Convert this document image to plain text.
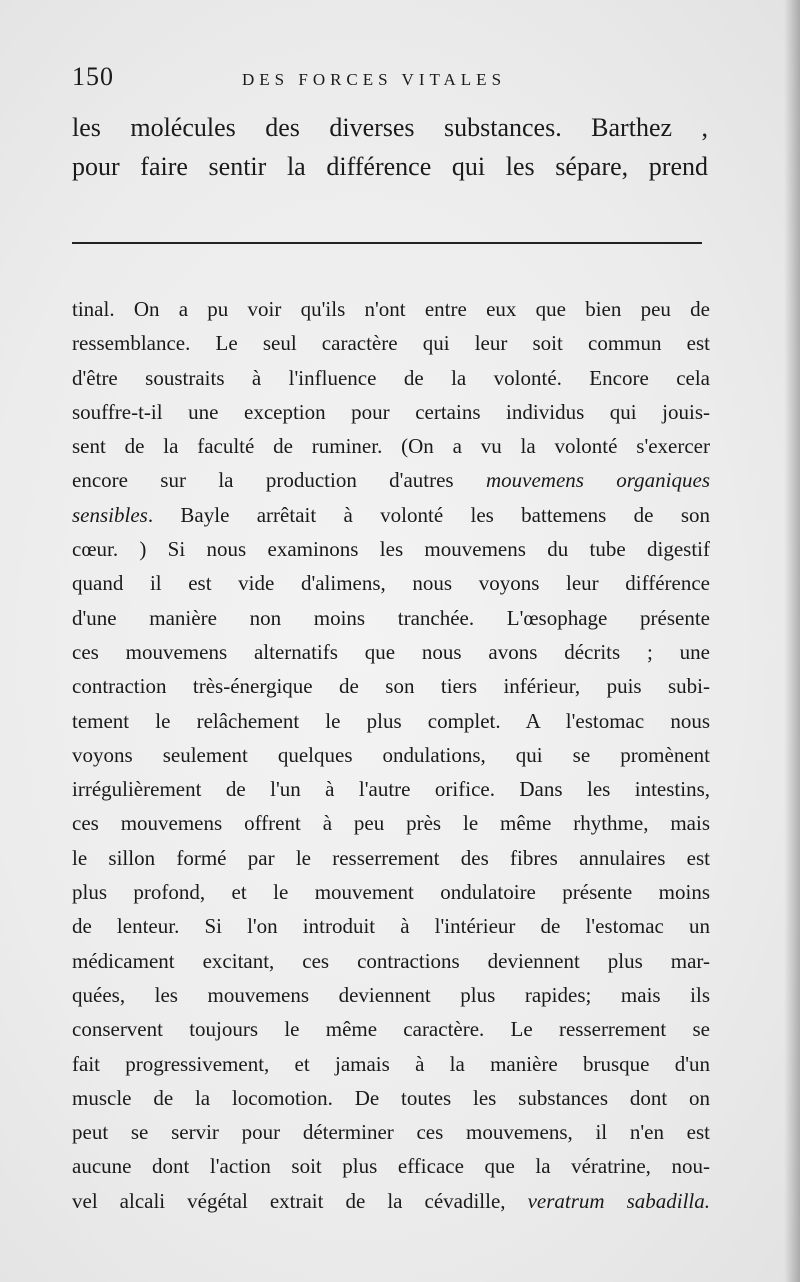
150	DES FORCES VITALES
les molécules des diverses substances. Barthez ,
pour faire sentir la différence qui les sépare, prend
tinal. On a pu voir qu'ils n'ont entre eux que bien peu de
ressemblance. Le seul caractère qui leur soit commun est
d'être soustraits à l'influence de la volonté. Encore cela
souffre-t-il une exception pour certains individus qui jouis-
sent de la faculté de ruminer. (On a vu la volonté s'exercer
encore sur la production d'autres mouvemens organiques
sensibles. Bayle arrêtait à volonté les battemens de son
cœur. ) Si nous examinons les mouvemens du tube digestif
quand il est vide d'alimens, nous voyons leur différence
d'une manière non moins tranchée. L'œsophage présente
ces mouvemens alternatifs que nous avons décrits ; une
contraction très-énergique de son tiers inférieur, puis subi-
tement le relâchement le plus complet. A l'estomac nous
voyons seulement quelques ondulations, qui se promènent
irrégulièrement de l'un à l'autre orifice. Dans les intestins,
ces mouvemens offrent à peu près le même rhythme, mais
le sillon formé par le resserrement des fibres annulaires est
plus profond, et le mouvement ondulatoire présente moins
de lenteur. Si l'on introduit à l'intérieur de l'estomac un
médicament excitant, ces contractions deviennent plus mar-
quées, les mouvemens deviennent plus rapides; mais ils
conservent toujours le même caractère. Le resserrement se
fait progressivement, et jamais à la manière brusque d'un
muscle de la locomotion. De toutes les substances dont on
peut se servir pour déterminer ces mouvemens, il n'en est
aucune dont l'action soit plus efficace que la vératrine, nou-
vel alcali végétal extrait de la cévadille, veratrum sabadilla.
